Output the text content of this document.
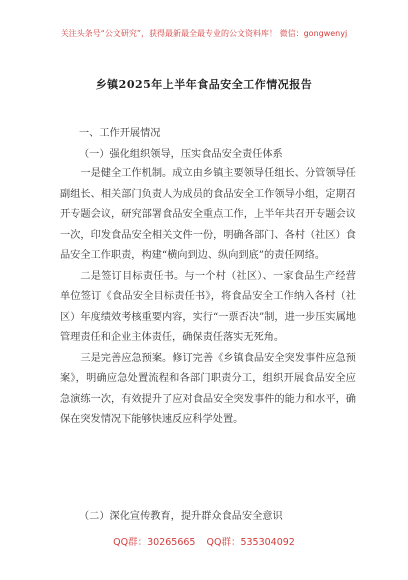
关注头条号“公文研究”，获得最新最全最专业的公文资料库！ 微信：gongwenyj
乡镇2025年上半年食品安全工作情况报告
一、工作开展情况
（一）强化组织领导，压实食品安全责任体系

一是健全工作机制。成立由乡镇主要领导任组长、分管领导任副组长、相关部门负责人为成员的食品安全工作领导小组，定期召开专题会议，研究部署食品安全重点工作，上半年共召开专题会议一次，印发食品安全相关文件一份，明确各部门、各村（社区）食品安全工作职责，构建“横向到边、纵向到底”的责任网络。

二是签订目标责任书。与一个村（社区）、一家食品生产经营单位签订《食品安全目标责任书》，将食品安全工作纳入各村（社区）年度绩效考核重要内容，实行“一票否决”制，进一步压实属地管理责任和企业主体责任，确保责任落实无死角。

三是完善应急预案。修订完善《乡镇食品安全突发事件应急预案》，明确应急处置流程和各部门职责分工，组织开展食品安全应急演练一次，有效提升了应对食品安全突发事件的能力和水平，确保在突发情况下能够快速反应科学处置。

（二）深化宣传教育，提升群众食品安全意识
QQ群：30265665 QQ群：535304092
